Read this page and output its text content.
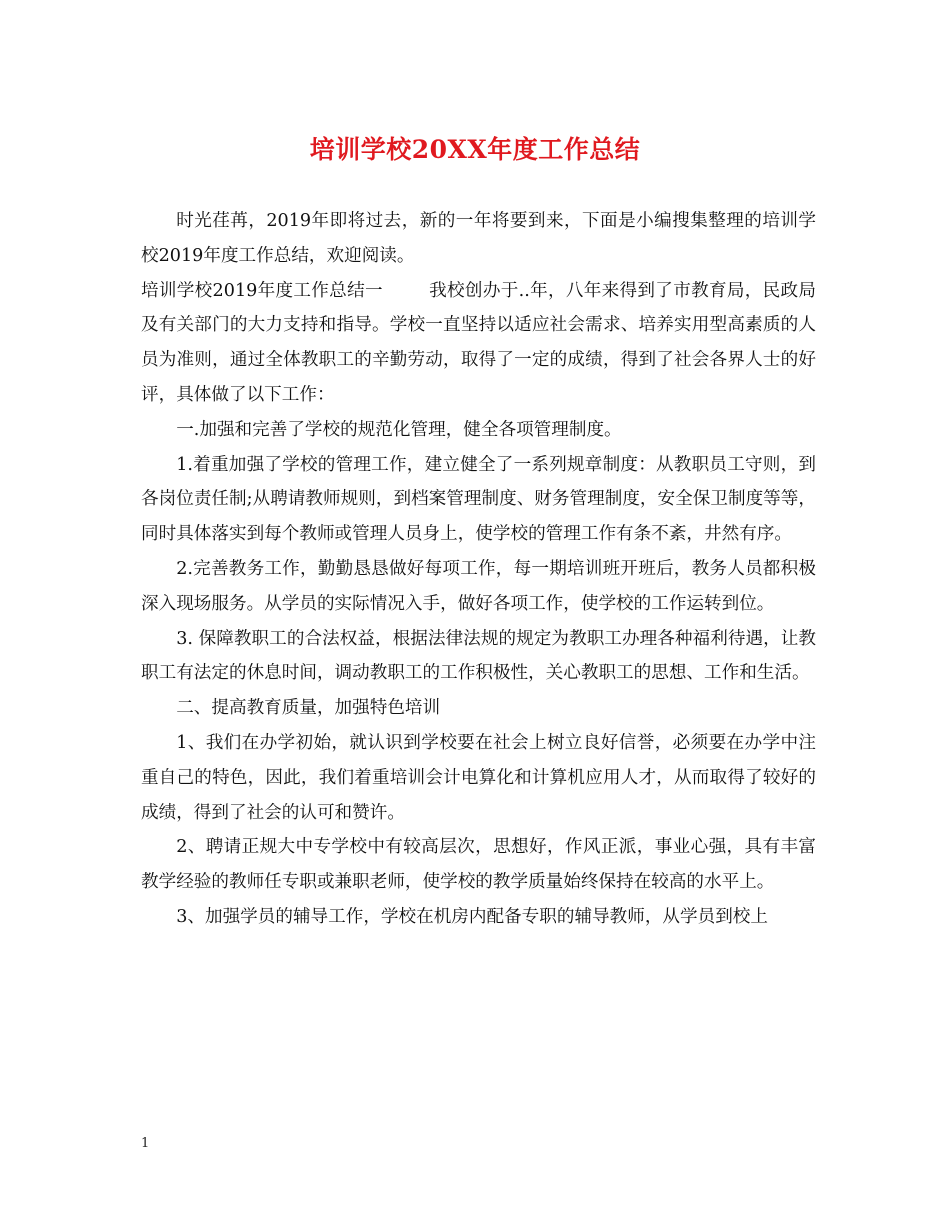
培训学校20XX年度工作总结

时光荏苒，2019年即将过去，新的一年将要到来，下面是小编搜集整理的培训学校2019年度工作总结，欢迎阅读。

培训学校2019年度工作总结一	我校创办于..年，八年来得到了市教育局，民政局及有关部门的大力支持和指导。学校一直坚持以适应社会需求、培养实用型高素质的人员为准则，通过全体教职工的辛勤劳动，取得了一定的成绩，得到了社会各界人士的好评，具体做了以下工作：

一.加强和完善了学校的规范化管理，健全各项管理制度。

1.着重加强了学校的管理工作，建立健全了一系列规章制度：从教职员工守则，到各岗位责任制;从聘请教师规则，到档案管理制度、财务管理制度，安全保卫制度等等，同时具体落实到每个教师或管理人员身上，使学校的管理工作有条不紊，井然有序。

2.完善教务工作，勤勤恳恳做好每项工作，每一期培训班开班后，教务人员都积极深入现场服务。从学员的实际情况入手，做好各项工作，使学校的工作运转到位。

3. 保障教职工的合法权益，根据法律法规的规定为教职工办理各种福利待遇，让教职工有法定的休息时间，调动教职工的工作积极性，关心教职工的思想、工作和生活。

二、提高教育质量，加强特色培训

1、我们在办学初始，就认识到学校要在社会上树立良好信誉，必须要在办学中注重自己的特色，因此，我们着重培训会计电算化和计算机应用人才，从而取得了较好的成绩，得到了社会的认可和赞许。

2、聘请正规大中专学校中有较高层次，思想好，作风正派，事业心强，具有丰富教学经验的教师任专职或兼职老师，使学校的教学质量始终保持在较高的水平上。

3、加强学员的辅导工作，学校在机房内配备专职的辅导教师，从学员到校上

1
